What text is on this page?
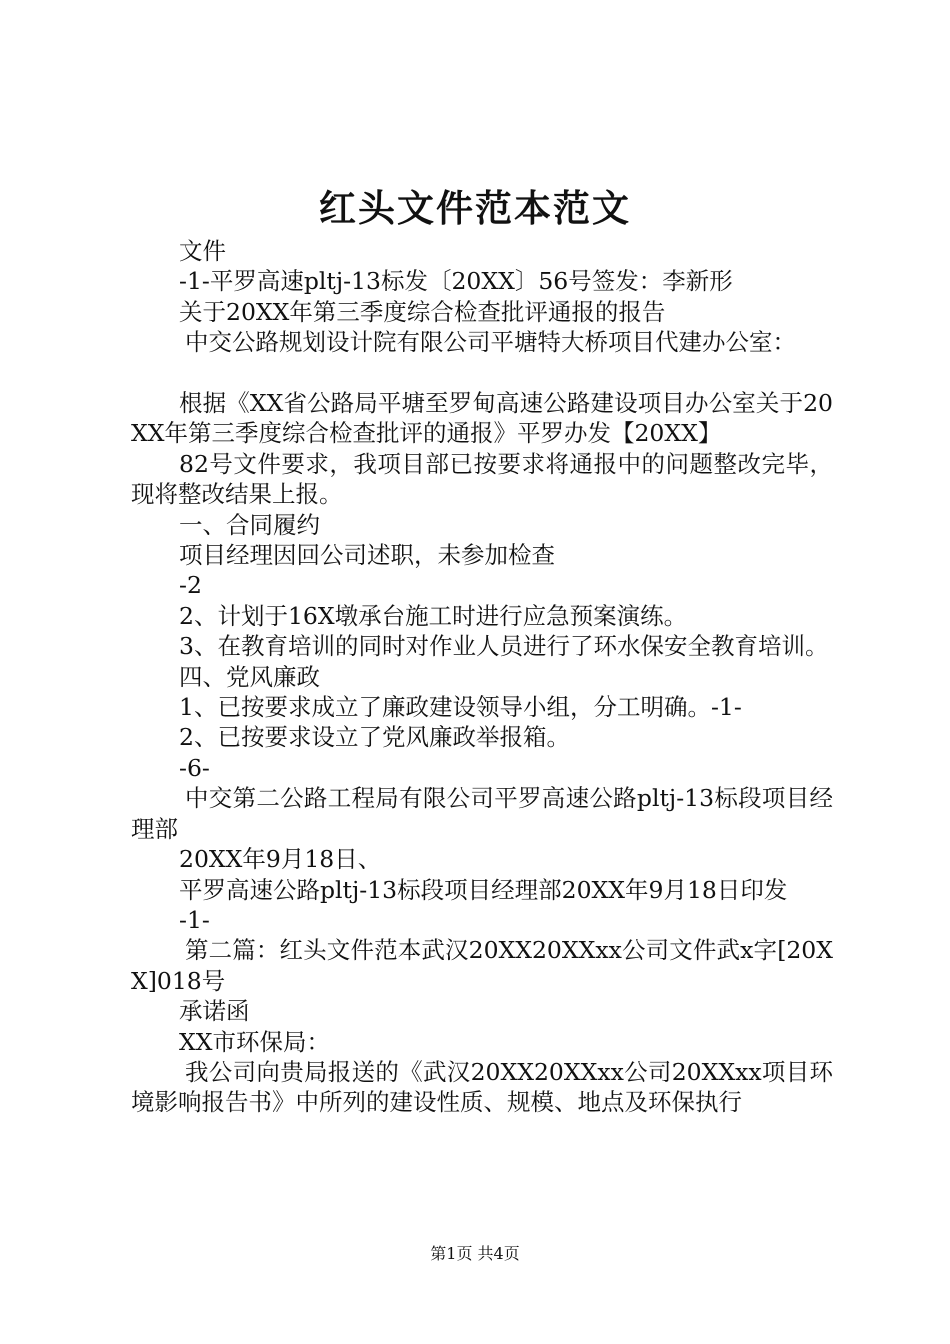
红头文件范本范文

文件

-1-平罗高速pltj-13标发〔20XX〕56号签发：李新形

关于20XX年第三季度综合检查批评通报的报告

中交公路规划设计院有限公司平塘特大桥项目代建办公室：

根据《XX省公路局平塘至罗甸高速公路建设项目办公室关于20XX年第三季度综合检查批评的通报》平罗办发【20XX】

82号文件要求，我项目部已按要求将通报中的问题整改完毕，现将整改结果上报。

一、合同履约

项目经理因回公司述职，未参加检查

-2

2、计划于16X墩承台施工时进行应急预案演练。

3、在教育培训的同时对作业人员进行了环水保安全教育培训。

四、党风廉政

1、已按要求成立了廉政建设领导小组，分工明确。-1-

2、已按要求设立了党风廉政举报箱。

-6-

中交第二公路工程局有限公司平罗高速公路pltj-13标段项目经理部

20XX年9月18日、

平罗高速公路pltj-13标段项目经理部20XX年9月18日印发

-1-

第二篇：红头文件范本武汉20XX20XXxx公司文件武x字[20XX]018号

承诺函

XX市环保局：

我公司向贵局报送的《武汉20XX20XXxx公司20XXxx项目环境影响报告书》中所列的建设性质、规模、地点及环保执行

第1页 共4页
